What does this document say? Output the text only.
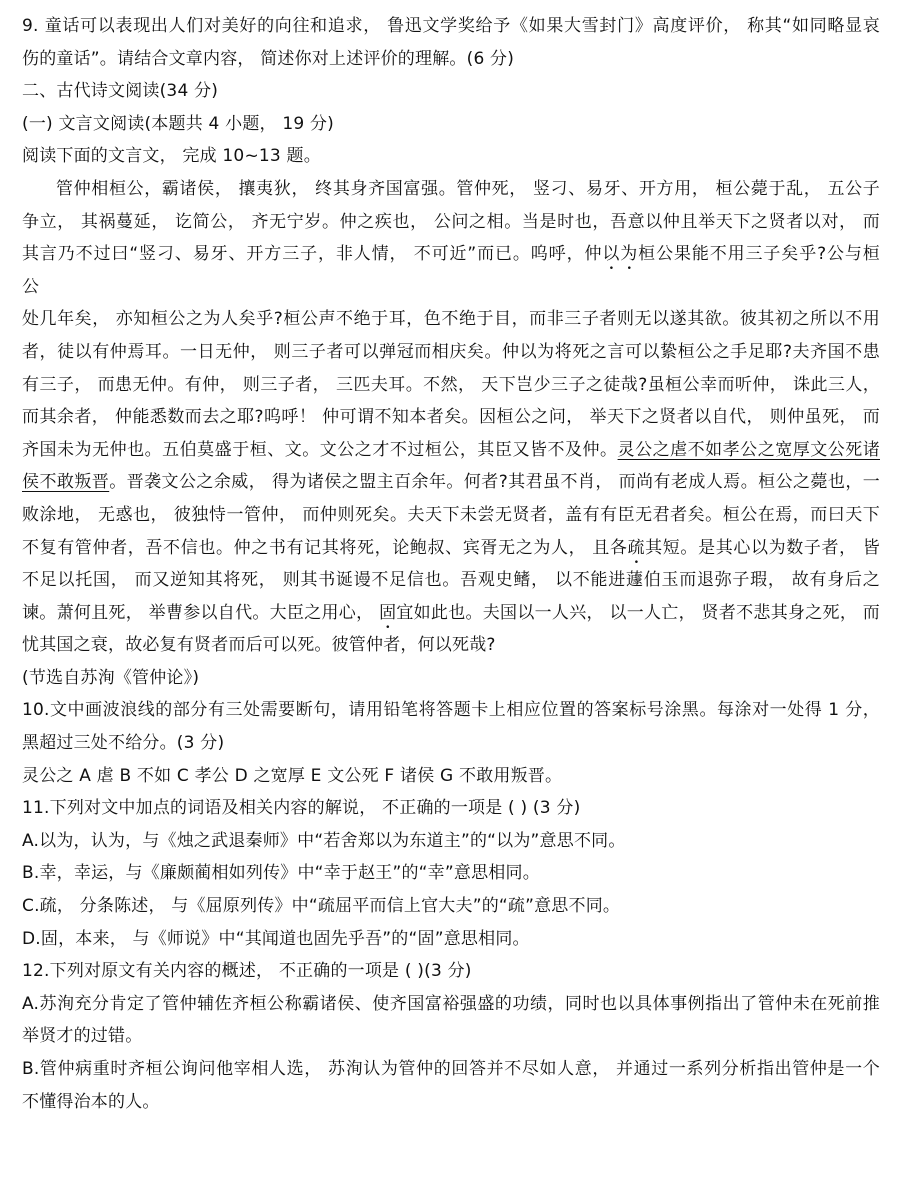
9. 童话可以表现出人们对美好的向往和追求， 鲁迅文学奖给予《如果大雪封门》高度评价， 称其“如同略显哀
伤的童话”。请结合文章内容， 简述你对上述评价的理解。(6 分)
二、古代诗文阅读(34 分)
(一) 文言文阅读(本题共 4 小题， 19 分)
阅读下面的文言文， 完成 10~13 题。
管仲相桓公，霸诸侯， 攘夷狄， 终其身齐国富强。管仲死， 竖刁、易牙、开方用， 桓公薨于乱， 五公子
争立， 其祸蔓延， 讫简公， 齐无宁岁。仲之疾也， 公问之相。当是时也，吾意以仲且举天下之贤者以对， 而
其言乃不过曰“竖刁、易牙、开方三子，非人情， 不可近”而已。呜呼，仲以为桓公果能不用三子矣乎?公与桓
公
处几年矣， 亦知桓公之为人矣乎?桓公声不绝于耳，色不绝于目，而非三子者则无以遂其欲。彼其初之所以不用
者，徒以有仲焉耳。一日无仲， 则三子者可以弹冠而相庆矣。仲以为将死之言可以絷桓公之手足耶?夫齐国不患
有三子， 而患无仲。有仲， 则三子者， 三匹夫耳。不然， 天下岂少三子之徒哉?虽桓公幸而听仲， 诛此三人，
而其余者， 仲能悉数而去之耶?呜呼！ 仲可谓不知本者矣。因桓公之问， 举天下之贤者以自代， 则仲虽死， 而
齐国未为无仲也。五伯莫盛于桓、文。文公之才不过桓公，其臣又皆不及仲。灵公之虐不如孝公之宽厚文公死诸
侯不敢叛晋。晋袭文公之余威， 得为诸侯之盟主百余年。何者?其君虽不肖， 而尚有老成人焉。桓公之薨也，一
败涂地， 无惑也， 彼独恃一管仲， 而仲则死矣。夫天下未尝无贤者，盖有有臣无君者矣。桓公在焉，而曰天下
不复有管仲者，吾不信也。仲之书有记其将死，论鲍叔、宾胥无之为人， 且各疏其短。是其心以为数子者， 皆
不足以托国， 而又逆知其将死， 则其书诞谩不足信也。吾观史鳍， 以不能进蘧伯玉而退弥子瑕， 故有身后之
谏。萧何且死， 举曹参以自代。大臣之用心， 固宜如此也。夫国以一人兴， 以一人亡， 贤者不悲其身之死， 而
忧其国之衰，故必复有贤者而后可以死。彼管仲者，何以死哉?
(节选自苏洵《管仲论》)
10.文中画波浪线的部分有三处需要断句，请用铅笔将答题卡上相应位置的答案标号涂黑。每涂对一处得 1 分，
黑超过三处不给分。(3 分)
灵公之 A 虐 B 不如 C 孝公 D 之宽厚 E 文公死 F 诸侯 G 不敢用叛晋。
11.下列对文中加点的词语及相关内容的解说， 不正确的一项是 ( ) (3 分)
A.以为，认为，与《烛之武退秦师》中“若舍郑以为东道主”的“以为”意思不同。
B.幸，幸运，与《廉颇蔺相如列传》中“幸于赵王”的“幸”意思相同。
C.疏， 分条陈述， 与《屈原列传》中“疏屈平而信上官大夫”的“疏”意思不同。
D.固，本来， 与《师说》中“其闻道也固先乎吾”的“固”意思相同。
12.下列对原文有关内容的概述， 不正确的一项是 ( )(3 分)
A.苏洵充分肯定了管仲辅佐齐桓公称霸诸侯、使齐国富裕强盛的功绩，同时也以具体事例指出了管仲未在死前推
举贤才的过错。
B.管仲病重时齐桓公询问他宰相人选， 苏洵认为管仲的回答并不尽如人意， 并通过一系列分析指出管仲是一个
不懂得治本的人。
